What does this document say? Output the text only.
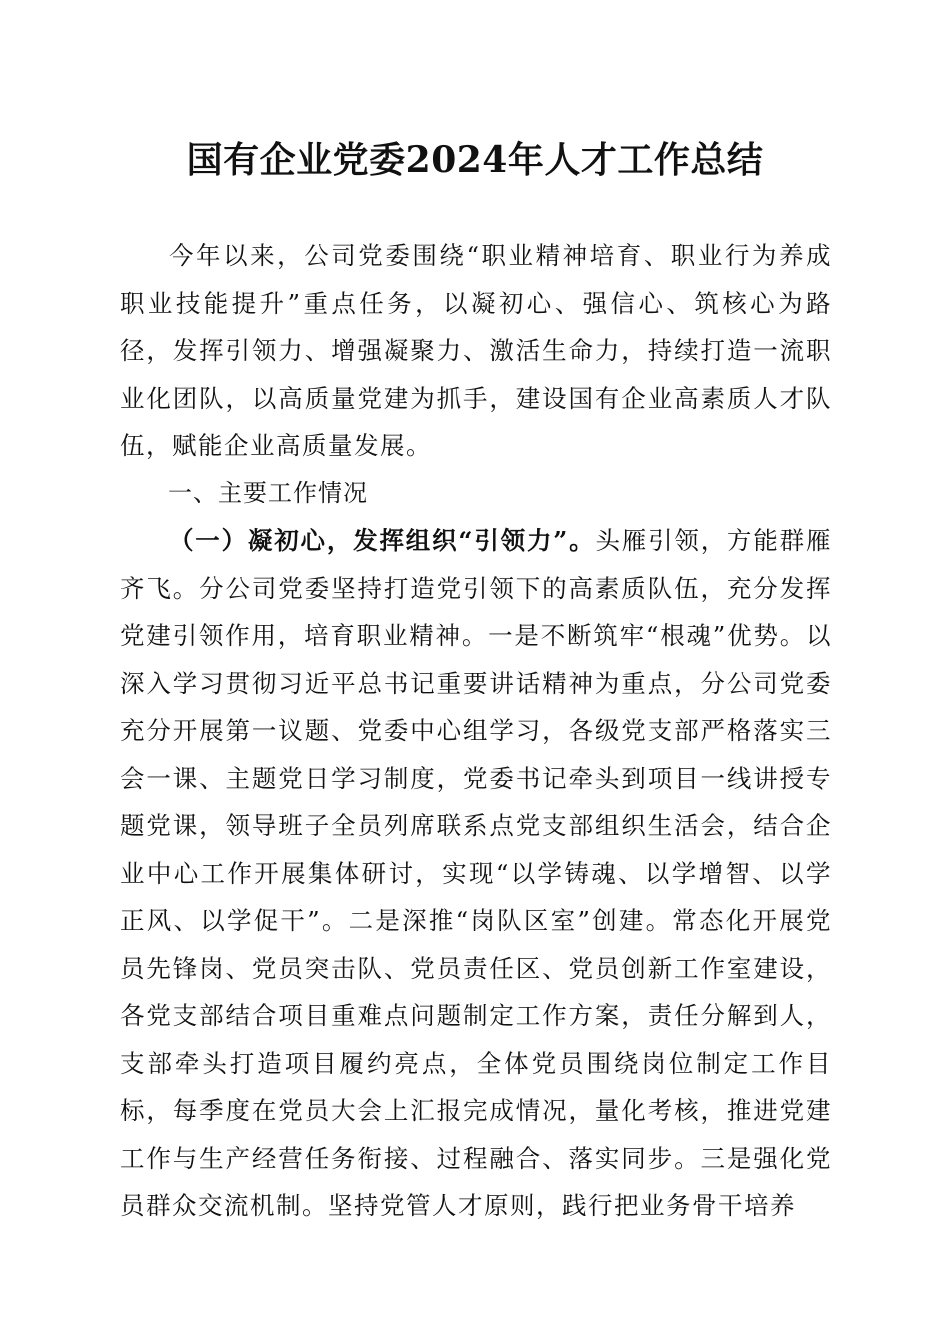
国有企业党委2024年人才工作总结

今年以来，公司党委围绕“职业精神培育、职业行为养成职业技能提升”重点任务，以凝初心、强信心、筑核心为路径，发挥引领力、增强凝聚力、激活生命力，持续打造一流职业化团队，以高质量党建为抓手，建设国有企业高素质人才队伍，赋能企业高质量发展。

一、主要工作情况

（一）凝初心，发挥组织“引领力”。头雁引领，方能群雁齐飞。分公司党委坚持打造党引领下的高素质队伍，充分发挥党建引领作用，培育职业精神。一是不断筑牢“根魂”优势。以深入学习贯彻习近平总书记重要讲话精神为重点，分公司党委充分开展第一议题、党委中心组学习，各级党支部严格落实三会一课、主题党日学习制度，党委书记牵头到项目一线讲授专题党课，领导班子全员列席联系点党支部组织生活会，结合企业中心工作开展集体研讨，实现“以学铸魂、以学增智、以学正风、以学促干”。二是深推“岗队区室”创建。常态化开展党员先锋岗、党员突击队、党员责任区、党员创新工作室建设，各党支部结合项目重难点问题制定工作方案，责任分解到人，支部牵头打造项目履约亮点，全体党员围绕岗位制定工作目标，每季度在党员大会上汇报完成情况，量化考核，推进党建工作与生产经营任务衔接、过程融合、落实同步。三是强化党员群众交流机制。坚持党管人才原则，践行把业务骨干培养
